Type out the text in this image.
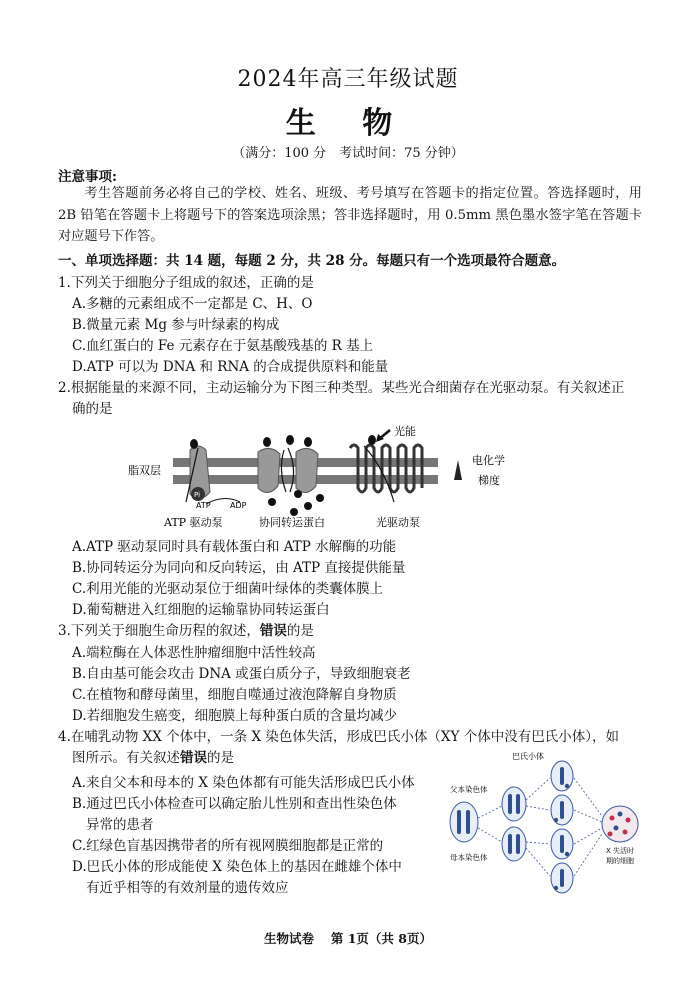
2024年高三年级试题
生 物
（满分：100 分　考试时间：75 分钟）
注意事项:
考生答题前务必将自己的学校、姓名、班级、考号填写在答题卡的指定位置。答选择题时，用 2B 铅笔在答题卡上将题号下的答案选项涂黑；答非选择题时，用 0.5mm 黑色墨水签字笔在答题卡对应题号下作答。
一、单项选择题：共 14 题，每题 2 分，共 28 分。每题只有一个选项最符合题意。
1.下列关于细胞分子组成的叙述，正确的是
A.多糖的元素组成不一定都是 C、H、O
B.微量元素 Mg 参与叶绿素的构成
C.血红蛋白的 Fe 元素存在于氨基酸残基的 R 基上
D.ATP 可以为 DNA 和 RNA 的合成提供原料和能量
2.根据能量的来源不同，主动运输分为下图三种类型。某些光合细菌存在光驱动泵。有关叙述正
确的是
Pi
ATP ADP
光能
电化学
梯度
脂双层
ATP 驱动泵	协同转运蛋白	光驱动泵
A.ATP 驱动泵同时具有载体蛋白和 ATP 水解酶的功能
B.协同转运分为同向和反向转运，由 ATP 直接提供能量
C.利用光能的光驱动泵位于细菌叶绿体的类囊体膜上
D.葡萄糖进入红细胞的运输靠协同转运蛋白
3.下列关于细胞生命历程的叙述，错误的是
A.端粒酶在人体恶性肿瘤细胞中活性较高
B.自由基可能会攻击 DNA 或蛋白质分子，导致细胞衰老
C.在植物和酵母菌里，细胞自噬通过液泡降解自身物质
D.若细胞发生癌变，细胞膜上每种蛋白质的含量均减少
4.在哺乳动物 XX 个体中，一条 X 染色体失活，形成巴氏小体（XY 个体中没有巴氏小体），如
图所示。有关叙述错误的是
A.来自父本和母本的 X 染色体都有可能失活形成巴氏小体
B.通过巴氏小体检查可以确定胎儿性别和查出性染色体
异常的患者
C.红绿色盲基因携带者的所有视网膜细胞都是正常的
D.巴氏小体的形成能使 X 染色体上的基因在雌雄个体中
有近乎相等的有效剂量的遗传效应
巴氏小体
父本染色体
母本染色体
X 失活时
期的细胞
生物试卷　 第 1页（共 8页）
